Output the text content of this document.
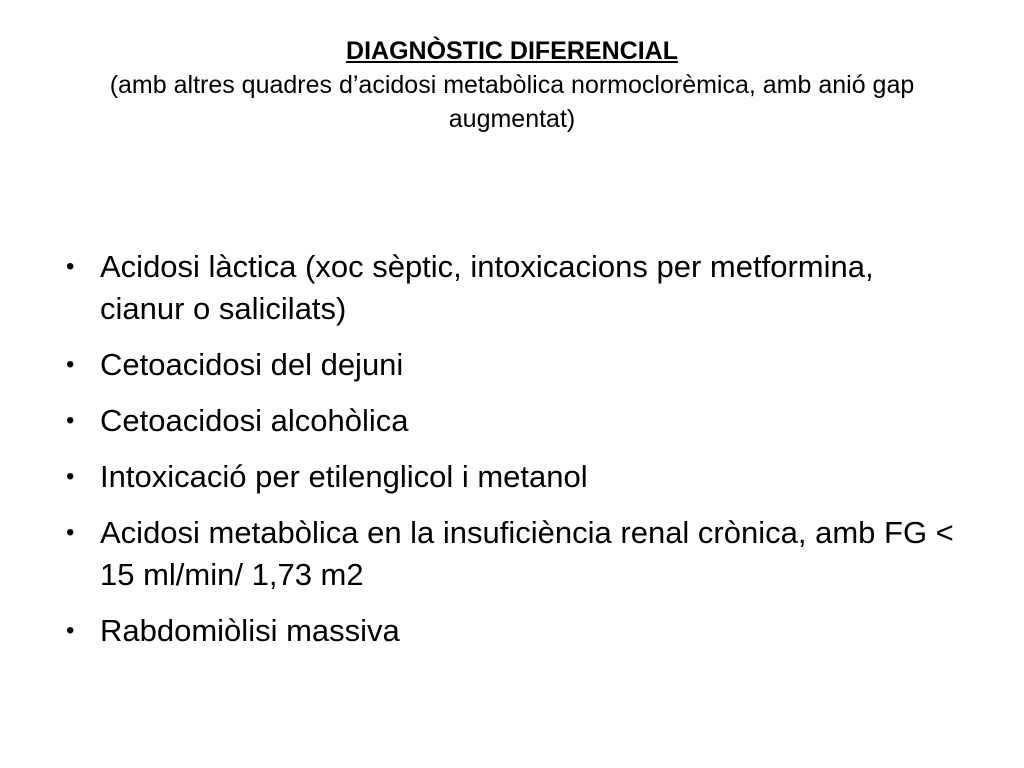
DIAGNÒSTIC DIFERENCIAL
(amb altres quadres d’acidosi metabòlica normoclorèmica, amb anió gap augmentat)
• Acidosi làctica (xoc sèptic, intoxicacions per metformina, cianur o salicilats)
• Cetoacidosi del dejuni
• Cetoacidosi alcohòlica
• Intoxicació per etilenglicol i metanol
• Acidosi metabòlica en la insuficiència renal crònica, amb FG < 15 ml/min/ 1,73 m2
• Rabdomiòlisi massiva
